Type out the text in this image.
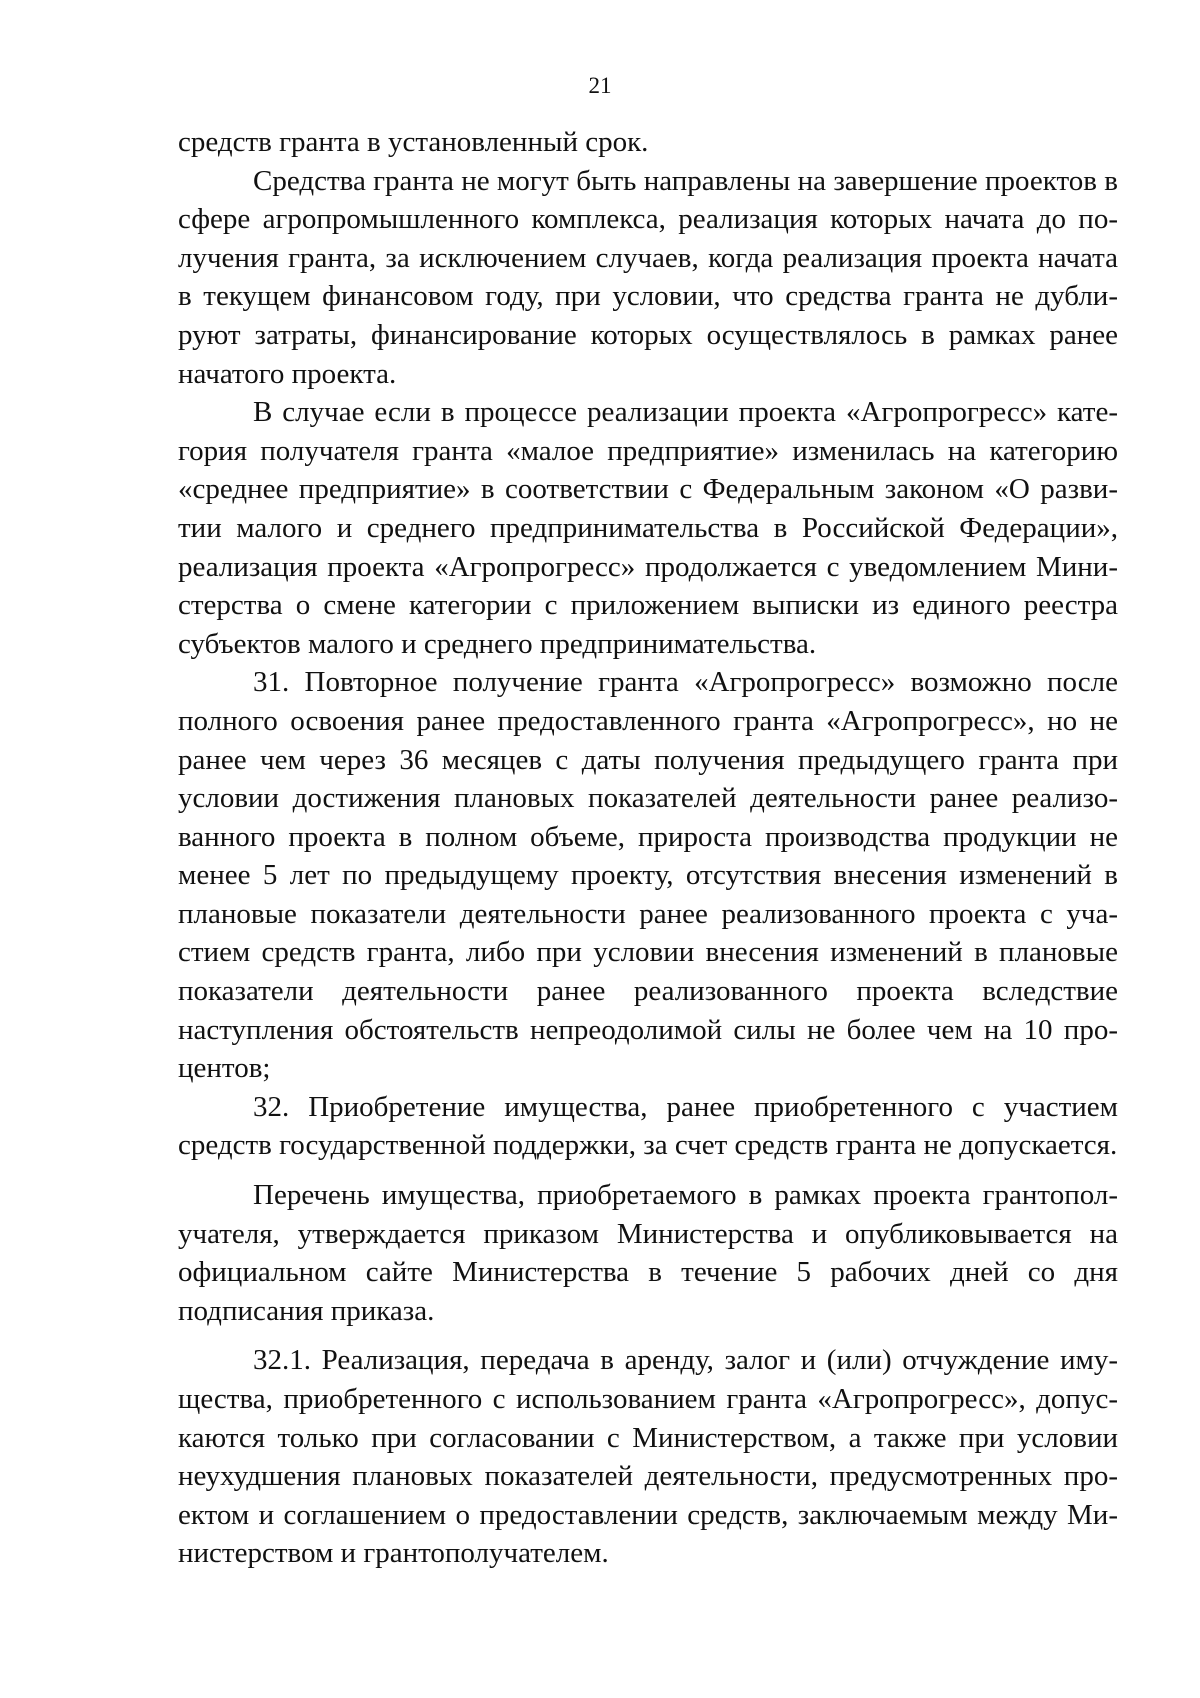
21

средств гранта в установленный срок.

Средства гранта не могут быть направлены на завершение проектов в сфере агропромышленного комплекса, реализация которых начата до получения гранта, за исключением случаев, когда реализация проекта начата в текущем финансовом году, при условии, что средства гранта не дублируют затраты, финансирование которых осуществлялось в рамках ранее начатого проекта.

В случае если в процессе реализации проекта «Агропрогресс» категория получателя гранта «малое предприятие» изменилась на категорию «среднее предприятие» в соответствии с Федеральным законом «О развитии малого и среднего предпринимательства в Российской Федерации», реализация проекта «Агропрогресс» продолжается с уведомлением Министерства о смене категории с приложением выписки из единого реестра субъектов малого и среднего предпринимательства.

31. Повторное получение гранта «Агропрогресс» возможно после полного освоения ранее предоставленного гранта «Агропрогресс», но не ранее чем через 36 месяцев с даты получения предыдущего гранта при условии достижения плановых показателей деятельности ранее реализованного проекта в полном объеме, прироста производства продукции не менее 5 лет по предыдущему проекту, отсутствия внесения изменений в плановые показатели деятельности ранее реализованного проекта с участием средств гранта, либо при условии внесения изменений в плановые показатели деятельности ранее реализованного проекта вследствие наступления обстоятельств непреодолимой силы не более чем на 10 процентов;

32. Приобретение имущества, ранее приобретенного с участием средств государственной поддержки, за счет средств гранта не допускается.

Перечень имущества, приобретаемого в рамках проекта грантополучателя, утверждается приказом Министерства и опубликовывается на официальном сайте Министерства в течение 5 рабочих дней со дня подписания приказа.

32.1. Реализация, передача в аренду, залог и (или) отчуждение имущества, приобретенного с использованием гранта «Агропрогресс», допускаются только при согласовании с Министерством, а также при условии неухудшения плановых показателей деятельности, предусмотренных проектом и соглашением о предоставлении средств, заключаемым между Министерством и грантополучателем.
